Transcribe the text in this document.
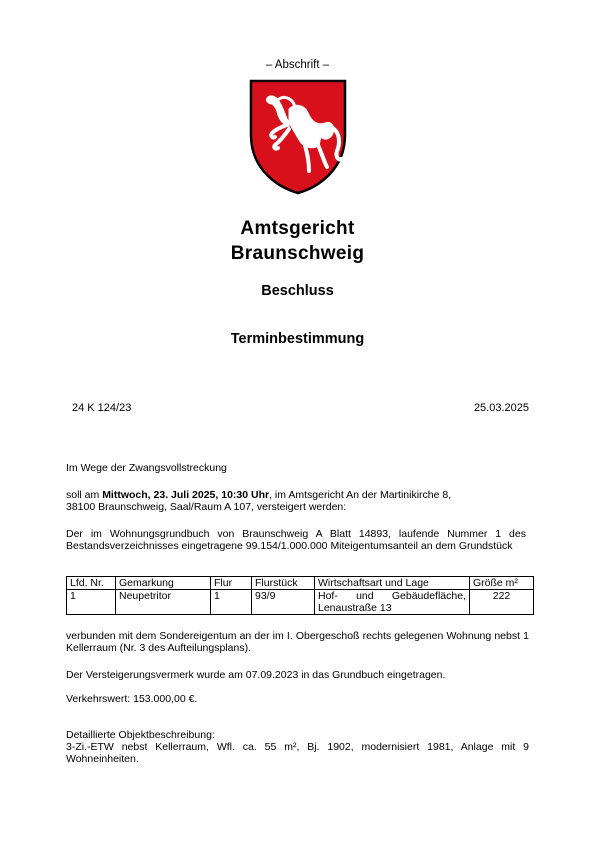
– Abschrift –
Amtsgericht
Braunschweig
Beschluss
Terminbestimmung
24 K 124/23	25.03.2025
Im Wege der Zwangsvollstreckung
soll am Mittwoch, 23. Juli 2025, 10:30 Uhr, im Amtsgericht An der Martinikirche 8,
38100 Braunschweig, Saal/Raum A 107, versteigert werden:
Der im Wohnungsgrundbuch von Braunschweig A Blatt 14893, laufende Nummer 1 des Bestandsverzeichnisses eingetragene 99.154/1.000.000 Miteigentumsanteil an dem Grundstück
Lfd. Nr.	Gemarkung	Flur	Flurstück	Wirtschaftsart und Lage	Größe m²
1	Neupetritor	1	93/9	Hof- und Gebäudefläche,
Lenaustraße 13	222
verbunden mit dem Sondereigentum an der im I. Obergeschoß rechts gelegenen Wohnung nebst 1 Kellerraum (Nr. 3 des Aufteilungsplans).
Der Versteigerungsvermerk wurde am 07.09.2023 in das Grundbuch eingetragen.
Verkehrswert: 153.000,00 €.
Detaillierte Objektbeschreibung:
3-Zi.-ETW nebst Kellerraum, Wfl. ca. 55 m², Bj. 1902, modernisiert 1981, Anlage mit 9 Wohneinheiten.
